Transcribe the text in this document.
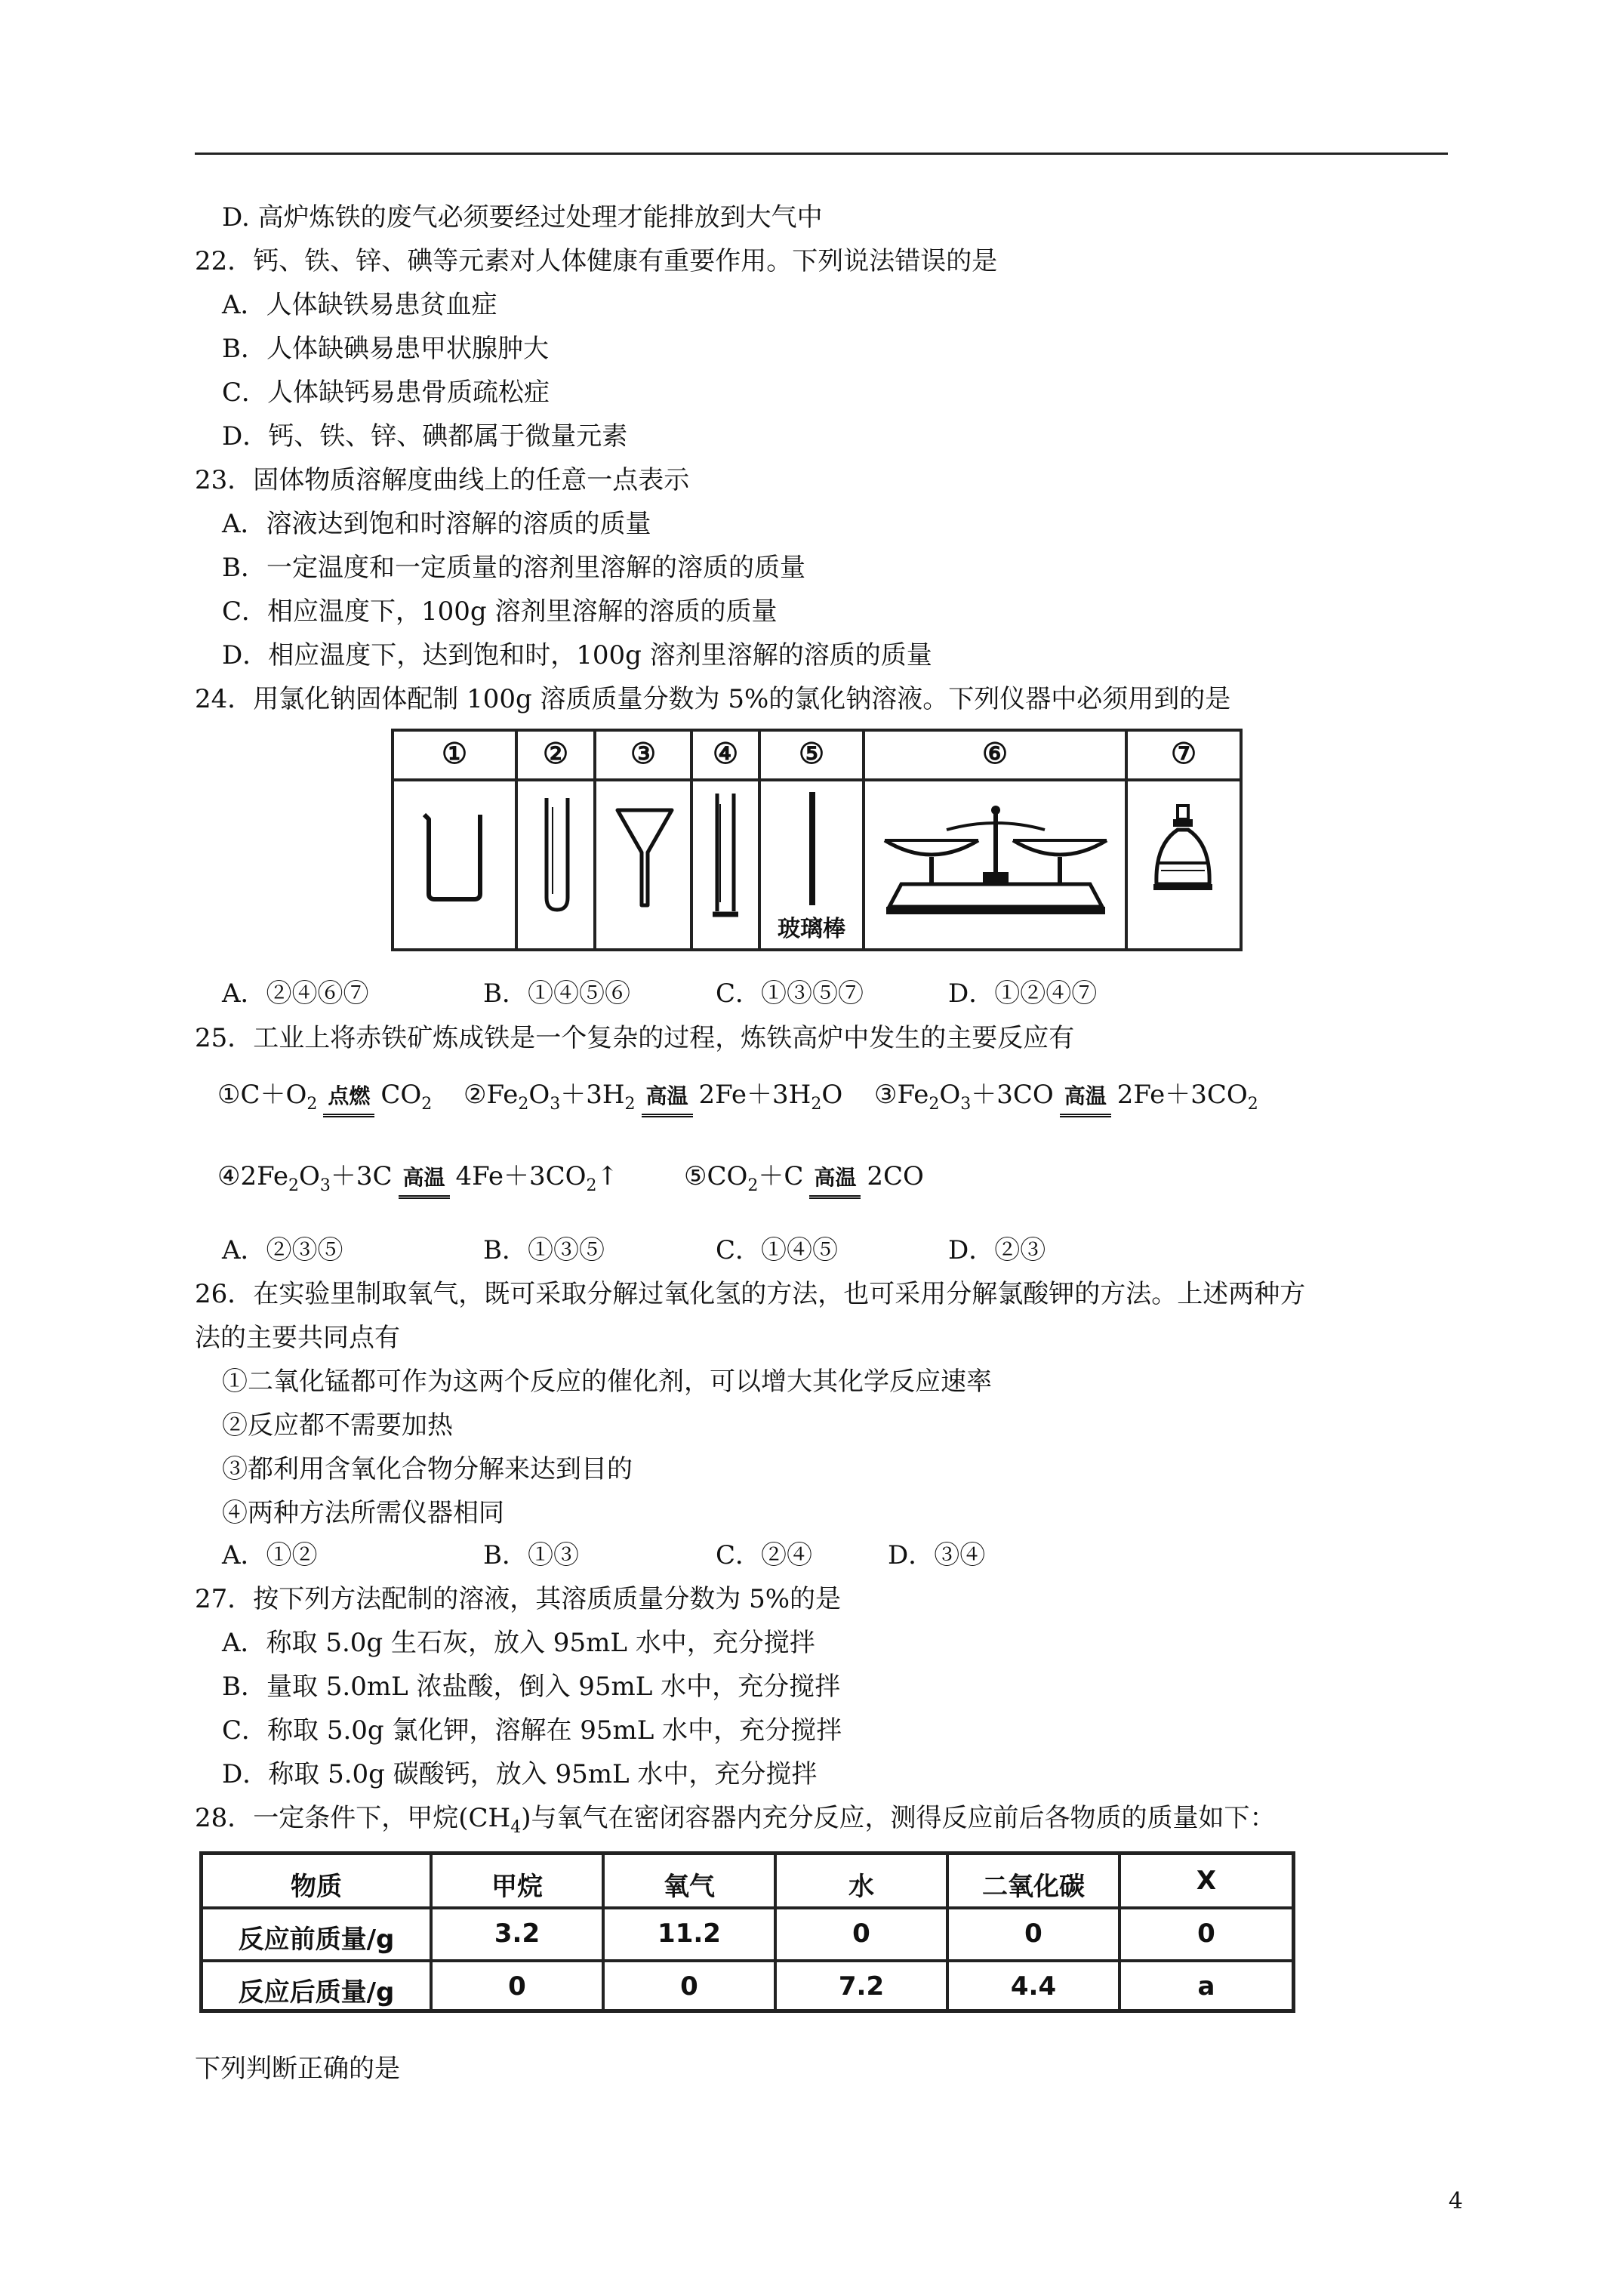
D. 高炉炼铁的废气必须要经过处理才能排放到大气中
22．钙、铁、锌、碘等元素对人体健康有重要作用。下列说法错误的是
A．人体缺铁易患贫血症
B．人体缺碘易患甲状腺肿大
C．人体缺钙易患骨质疏松症
D．钙、铁、锌、碘都属于微量元素
23．固体物质溶解度曲线上的任意一点表示
A．溶液达到饱和时溶解的溶质的质量
B．一定温度和一定质量的溶剂里溶解的溶质的质量
C．相应温度下，100g 溶剂里溶解的溶质的质量
D．相应温度下，达到饱和时，100g 溶剂里溶解的溶质的质量
24．用氯化钠固体配制 100g 溶质质量分数为 5%的氯化钠溶液。下列仪器中必须用到的是
①	②	③	④	⑤	⑥	⑦
玻璃棒
A．②④⑥⑦	B．①④⑤⑥	C．①③⑤⑦	D．①②④⑦
25．工业上将赤铁矿炼成铁是一个复杂的过程，炼铁高炉中发生的主要反应有
$①C+O_2$ 点燃 $CO_2$ $②Fe_2O_3+3H_2$ 高温 $2Fe+3H_2O$ $③Fe_2O_3+3CO$ 高温 $2Fe+3CO_2$
$④2Fe_2O_3+3C$ 高温 $4Fe+3CO_2↑$	$⑤CO_2+C$ 高温 2CO
A．②③⑤	B．①③⑤	C．①④⑤	D．②③
26．在实验里制取氧气，既可采取分解过氧化氢的方法，也可采用分解氯酸钾的方法。上述两种方
法的主要共同点有
①二氧化锰都可作为这两个反应的催化剂，可以增大其化学反应速率
②反应都不需要加热
③都利用含氧化合物分解来达到目的
④两种方法所需仪器相同
A．①②	B．①③	C．②④	D．③④
27．按下列方法配制的溶液，其溶质质量分数为 5%的是
A．称取 5.0g 生石灰，放入 95mL 水中，充分搅拌
B．量取 5.0mL 浓盐酸，倒入 95mL 水中，充分搅拌
C．称取 5.0g 氯化钾，溶解在 95mL 水中，充分搅拌
D．称取 5.0g 碳酸钙，放入 95mL 水中，充分搅拌
28．一定条件下，甲烷$(CH_4)$与氧气在密闭容器内充分反应，测得反应前后各物质的质量如下：
物质	甲烷	氧气	水	二氧化碳	X
反应前质量/g	3.2	11.2	0	0	0
反应后质量/g	0	0	7.2	4.4	a
下列判断正确的是
4
